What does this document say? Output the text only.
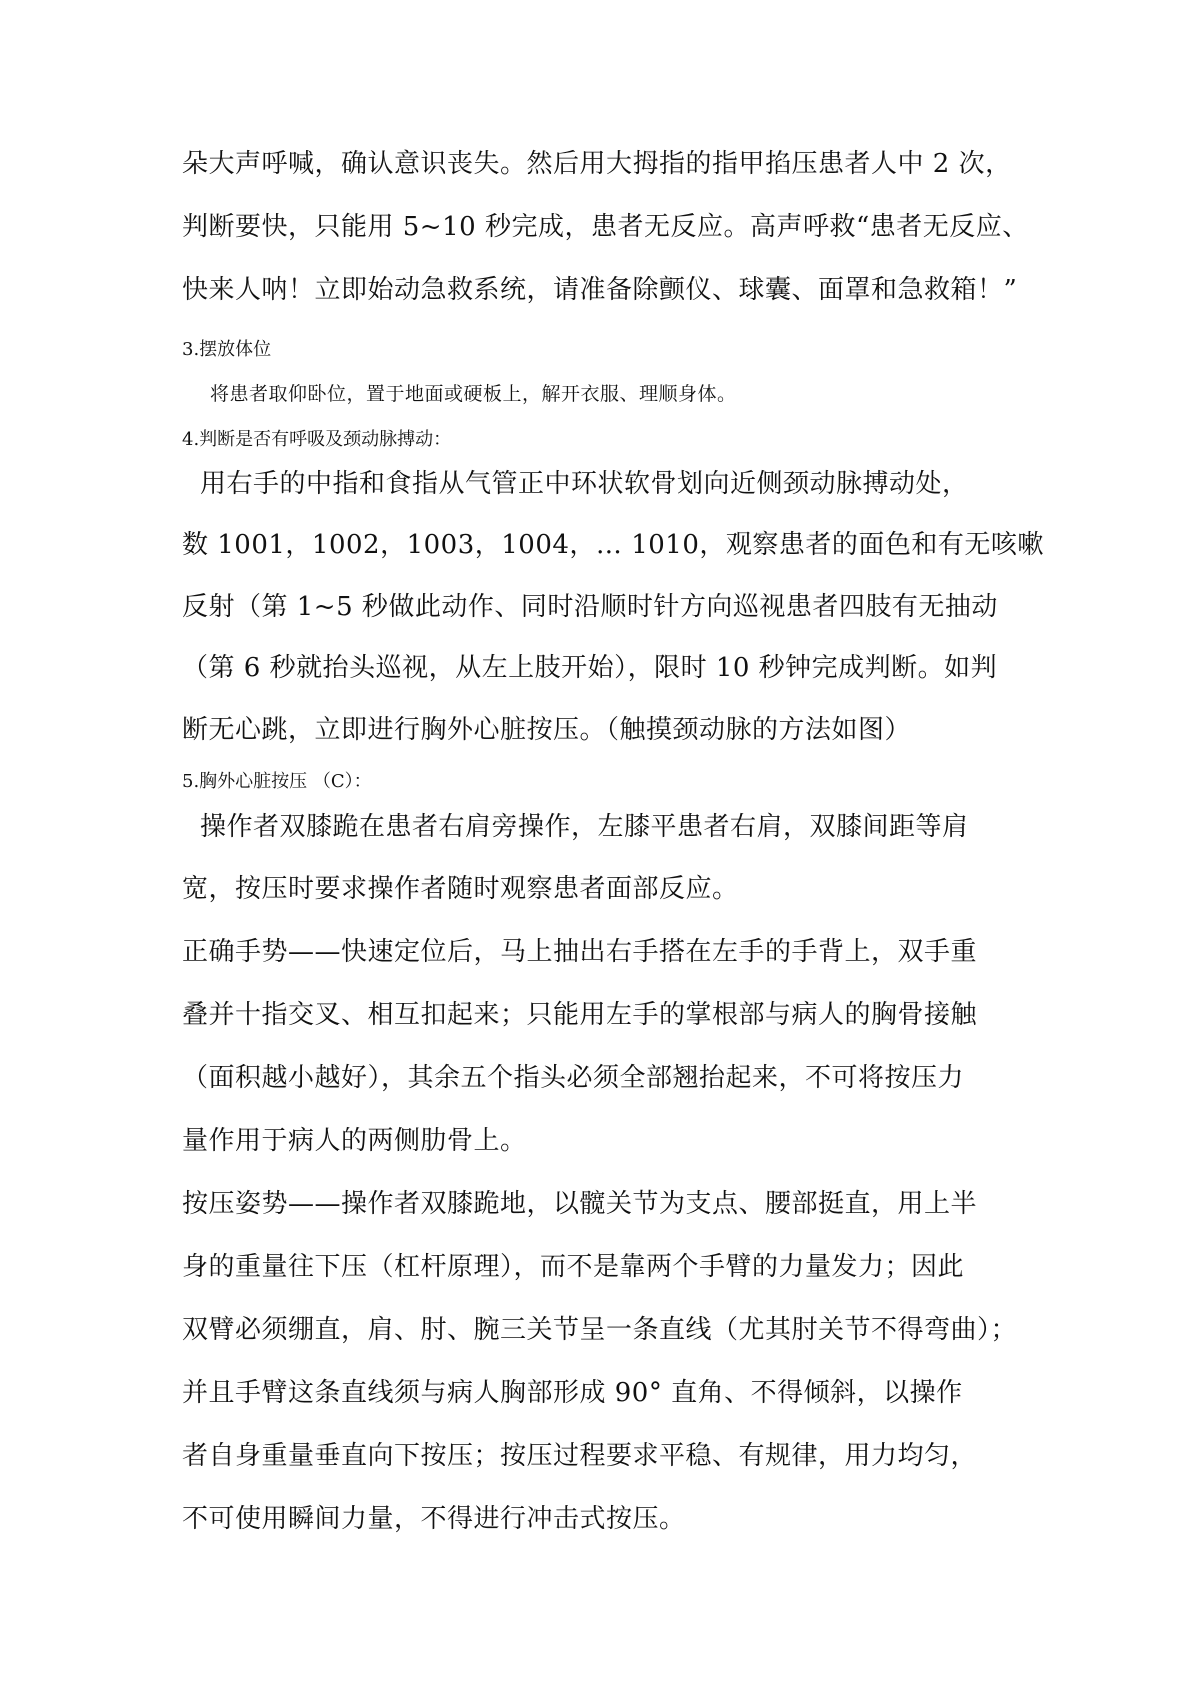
朵大声呼喊，确认意识丧失。然后用大拇指的指甲掐压患者人中 2 次，
判断要快，只能用 5~10 秒完成，患者无反应。高声呼救“患者无反应、
快来人呐！立即始动急救系统，请准备除颤仪、球囊、面罩和急救箱！”
3.摆放体位
将患者取仰卧位，置于地面或硬板上，解开衣服、理顺身体。
4.判断是否有呼吸及颈动脉搏动：
用右手的中指和食指从气管正中环状软骨划向近侧颈动脉搏动处，
数 1001，1002，1003，1004，… 1010，观察患者的面色和有无咳嗽
反射（第 1~5 秒做此动作、同时沿顺时针方向巡视患者四肢有无抽动
（第 6 秒就抬头巡视，从左上肢开始），限时 10 秒钟完成判断。如判
断无心跳，立即进行胸外心脏按压。（触摸颈动脉的方法如图）
5.胸外心脏按压 （C）：
操作者双膝跪在患者右肩旁操作，左膝平患者右肩，双膝间距等肩
宽，按压时要求操作者随时观察患者面部反应。
正确手势——快速定位后，马上抽出右手搭在左手的手背上，双手重
叠并十指交叉、相互扣起来；只能用左手的掌根部与病人的胸骨接触
（面积越小越好），其余五个指头必须全部翘抬起来，不可将按压力
量作用于病人的两侧肋骨上。
按压姿势——操作者双膝跪地，以髋关节为支点、腰部挺直，用上半
身的重量往下压（杠杆原理），而不是靠两个手臂的力量发力；因此
双臂必须绷直，肩、肘、腕三关节呈一条直线（尤其肘关节不得弯曲）；
并且手臂这条直线须与病人胸部形成 90° 直角、不得倾斜，以操作
者自身重量垂直向下按压；按压过程要求平稳、有规律，用力均匀，
不可使用瞬间力量，不得进行冲击式按压。
